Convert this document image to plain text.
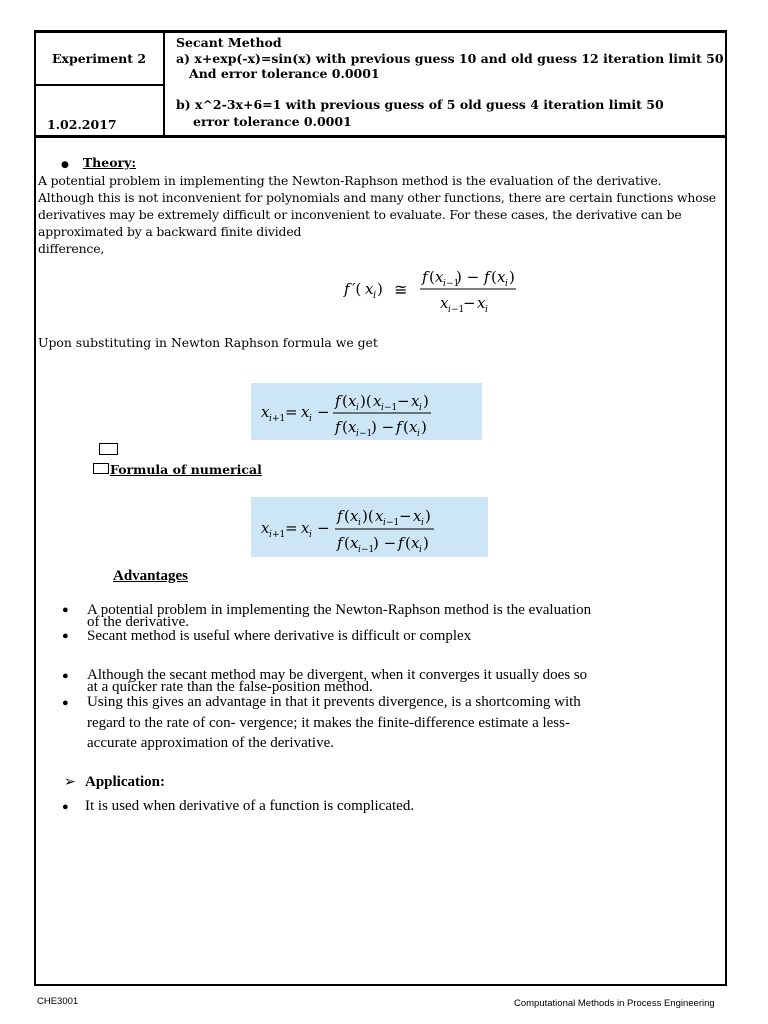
Experiment 2
1.02.2017
Secant Method
a) x+exp(-x)=sin(x) with previous guess 10 and old guess 12 iteration limit 50
And error tolerance 0.0001
b) x^2-3x+6=1 with previous guess of 5 old guess 4 iteration limit 50
error tolerance 0.0001
● Theory:
A potential problem in implementing the Newton-Raphson method is the evaluation of the derivative.
Although this is not inconvenient for polynomials and many other functions, there are certain functions whose
derivatives may be extremely difficult or inconvenient to evaluate. For these cases, the derivative can be
approximated by a backward finite divided
difference,
f ′( x i ) ≅
f ( x i −1
) − f ( x i )
x i −1
− x i
Upon substituting in Newton Raphson formula we get
x i +1 = x i −
f ( x i )( x i −1 − x i )
f ( x i −1
) − f ( x i )
Formula of numerical
x i +1 = x i −
f ( x i )( x i −1 − x i )
f ( x i −1
) − f ( x i )
Advantages
● A potential problem in implementing the Newton-Raphson method is the evaluation
of the derivative.
● Secant method is useful where derivative is difficult or complex
● Although the secant method may be divergent, when it converges it usually does so
at a quicker rate than the false-position method.
● Using this gives an advantage in that it prevents divergence, is a shortcoming with
regard to the rate of con- vergence; it makes the finite-difference estimate a less-
accurate approximation of the derivative.
➢ Application:
● It is used when derivative of a function is complicated.
CHE3001	Computational Methods in Process Engineering
